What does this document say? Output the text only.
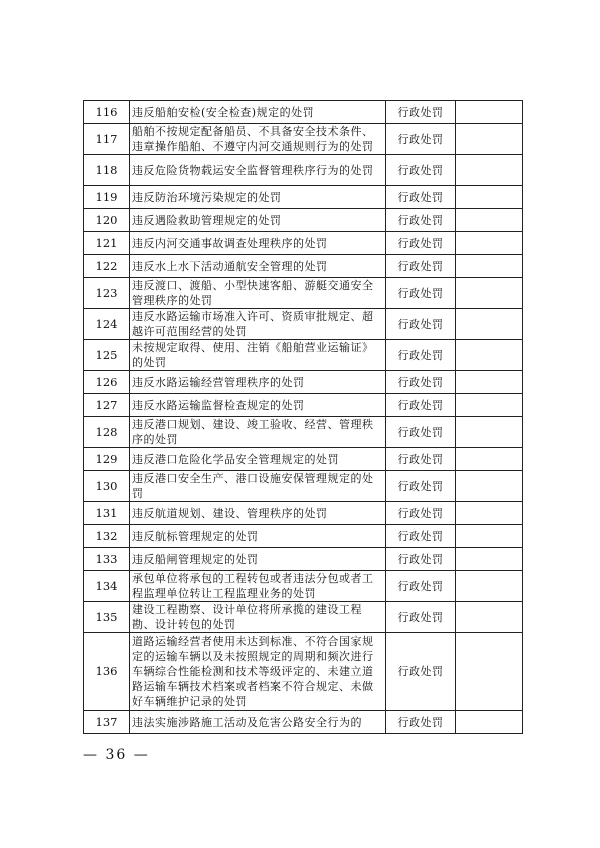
116	违反船舶安检(安全检查)规定的处罚	行政处罚	
117	船舶不按规定配备船员、不具备安全技术条件、违章操作船舶、不遵守内河交通规则行为的处罚	行政处罚	
118	违反危险货物载运安全监督管理秩序行为的处罚	行政处罚	
119	违反防治环境污染规定的处罚	行政处罚	
120	违反遇险救助管理规定的处罚	行政处罚	
121	违反内河交通事故调查处理秩序的处罚	行政处罚	
122	违反水上水下活动通航安全管理的处罚	行政处罚	
123	违反渡口、渡船、小型快速客船、游艇交通安全管理秩序的处罚	行政处罚	
124	违反水路运输市场准入许可、资质审批规定、超越许可范围经营的处罚	行政处罚	
125	未按规定取得、使用、注销《船舶营业运输证》的处罚	行政处罚	
126	违反水路运输经营管理秩序的处罚	行政处罚	
127	违反水路运输监督检查规定的处罚	行政处罚	
128	违反港口规划、建设、竣工验收、经营、管理秩序的处罚	行政处罚	
129	违反港口危险化学品安全管理规定的处罚	行政处罚	
130	违反港口安全生产、港口设施安保管理规定的处罚	行政处罚	
131	违反航道规划、建设、管理秩序的处罚	行政处罚	
132	违反航标管理规定的处罚	行政处罚	
133	违反船闸管理规定的处罚	行政处罚	
134	承包单位将承包的工程转包或者违法分包或者工程监理单位转让工程监理业务的处罚	行政处罚	
135	建设工程勘察、设计单位将所承揽的建设工程勘、设计转包的处罚	行政处罚	
136	道路运输经营者使用未达到标准、不符合国家规定的运输车辆以及未按照规定的周期和频次进行车辆综合性能检测和技术等级评定的、未建立道路运输车辆技术档案或者档案不符合规定、未做好车辆维护记录的处罚	行政处罚	
137	违法实施涉路施工活动及危害公路安全行为的	行政处罚	
— 36 —
